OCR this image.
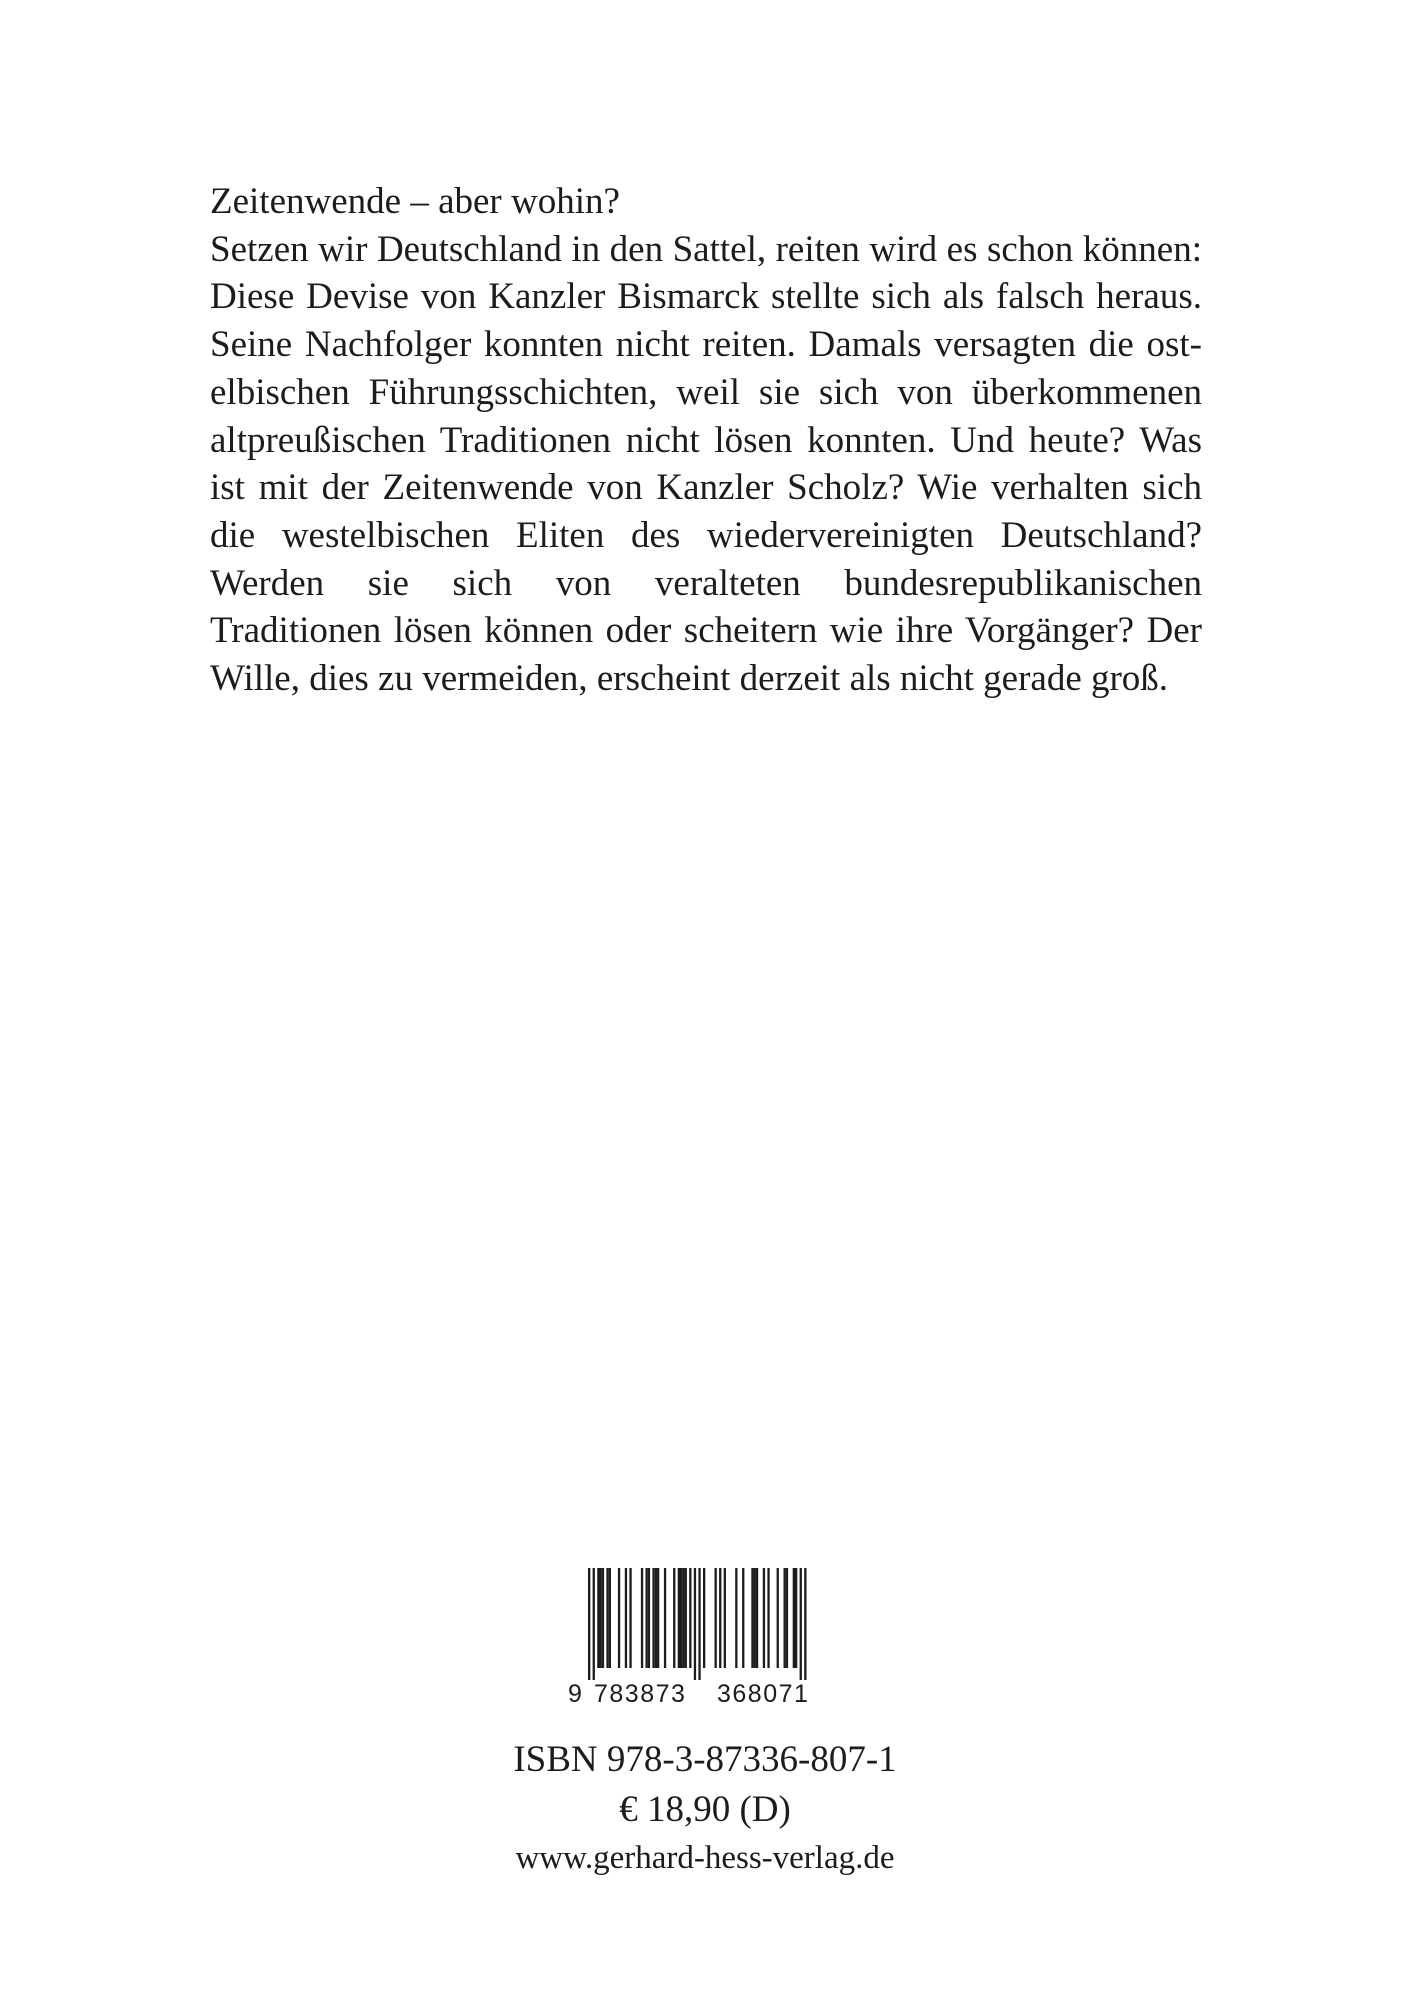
Zeitenwende – aber wohin?
Setzen wir Deutschland in den Sattel, reiten wird es schon können: Diese Devise von Kanzler Bismarck stellte sich als falsch heraus. Seine Nachfolger konnten nicht reiten. Damals versagten die ostelbischen Führungsschichten, weil sie sich von überkommenen altpreußischen Traditionen nicht lösen konnten. Und heute? Was ist mit der Zeitenwende von Kanzler Scholz? Wie verhalten sich die westelbischen Eliten des wiedervereinigten Deutschland? Werden sie sich von veralteten bundesrepublikanischen Traditionen lösen können oder scheitern wie ihre Vorgänger? Der Wille, dies zu vermeiden, erscheint derzeit als nicht gerade groß.
9 783873 368071
ISBN 978-3-87336-807-1
€ 18,90 (D)
www.gerhard-hess-verlag.de
